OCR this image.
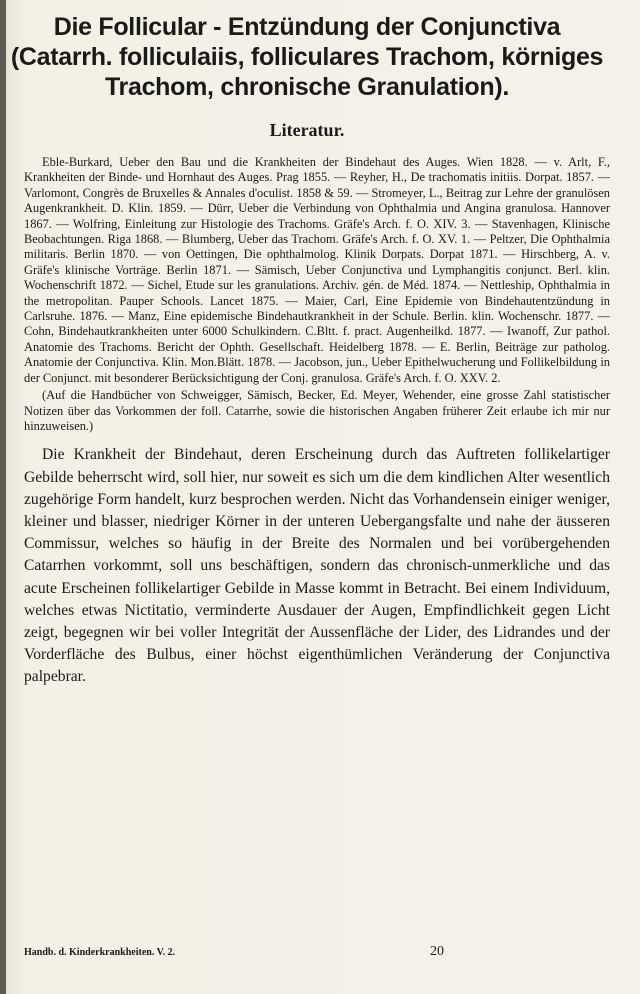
Die Follicular - Entzündung der Conjunctiva (Catarrh. folliculaiis, folliculares Trachom, körniges Trachom, chronische Granulation).
Literatur.

Eble-Burkard, Ueber den Bau und die Krankheiten der Bindehaut des Auges. Wien 1828. — v. Arlt, F., Krankheiten der Binde- und Hornhaut des Auges. Prag 1855. — Reyher, H., De trachomatis initiis. Dorpat. 1857. — Varlomont, Congrès de Bruxelles & Annales d'oculist. 1858 & 59. — Stromeyer, L., Beitrag zur Lehre der granulösen Augenkrankheit. D. Klin. 1859. — Dürr, Ueber die Verbindung von Ophthalmia und Angina granulosa. Hannover 1867. — Wolfring, Einleitung zur Histologie des Trachoms. Gräfe's Arch. f. O. XIV. 3. — Stavenhagen, Klinische Beobachtungen. Riga 1868. — Blumberg, Ueber das Trachom. Gräfe's Arch. f. O. XV. 1. — Peltzer, Die Ophthalmia militaris. Berlin 1870. — von Oettingen, Die ophthalmolog. Klinik Dorpats. Dorpat 1871. — Hirschberg, A. v. Gräfe's klinische Vorträge. Berlin 1871. — Sämisch, Ueber Conjunctiva und Lymphangitis conjunct. Berl. klin. Wochenschrift 1872. — Sichel, Etude sur les granulations. Archiv. gén. de Méd. 1874. — Nettleship, Ophthalmia in the metropolitan. Pauper Schools. Lancet 1875. — Maier, Carl, Eine Epidemie von Bindehautentzündung in Carlsruhe. 1876. — Manz, Eine epidemische Bindehautkrankheit in der Schule. Berlin. klin. Wochenschr. 1877. — Cohn, Bindehautkrankheiten unter 6000 Schulkindern. C.Bltt. f. pract. Augenheilkd. 1877. — Iwanoff, Zur pathol. Anatomie des Trachoms. Bericht der Ophth. Gesellschaft. Heidelberg 1878. — E. Berlin, Beiträge zur patholog. Anatomie der Conjunctiva. Klin. Mon.Blätt. 1878. — Jacobson, jun., Ueber Epithelwucherung und Follikelbildung in der Conjunct. mit besonderer Berücksichtigung der Conj. granulosa. Gräfe's Arch. f. O. XXV. 2.

(Auf die Handbücher von Schweigger, Sämisch, Becker, Ed. Meyer, Wehender, eine grosse Zahl statistischer Notizen über das Vorkommen der foll. Catarrhe, sowie die historischen Angaben früherer Zeit erlaube ich mir nur hinzuweisen.)

Die Krankheit der Bindehaut, deren Erscheinung durch das Auftreten follikelartiger Gebilde beherrscht wird, soll hier, nur soweit es sich um die dem kindlichen Alter wesentlich zugehörige Form handelt, kurz besprochen werden. Nicht das Vorhandensein einiger weniger, kleiner und blasser, niedriger Körner in der unteren Uebergangsfalte und nahe der äusseren Commissur, welches so häufig in der Breite des Normalen und bei vorübergehenden Catarrhen vorkommt, soll uns beschäftigen, sondern das chronisch-unmerkliche und das acute Erscheinen follikelartiger Gebilde in Masse kommt in Betracht. Bei einem Individuum, welches etwas Nictitatio, verminderte Ausdauer der Augen, Empfindlichkeit gegen Licht zeigt, begegnen wir bei voller Integrität der Aussenfläche der Lider, des Lidrandes und der Vorderfläche des Bulbus, einer höchst eigenthümlichen Veränderung der Conjunctiva palpebrar.

Handb. d. Kinderkrankheiten. V. 2.	20
